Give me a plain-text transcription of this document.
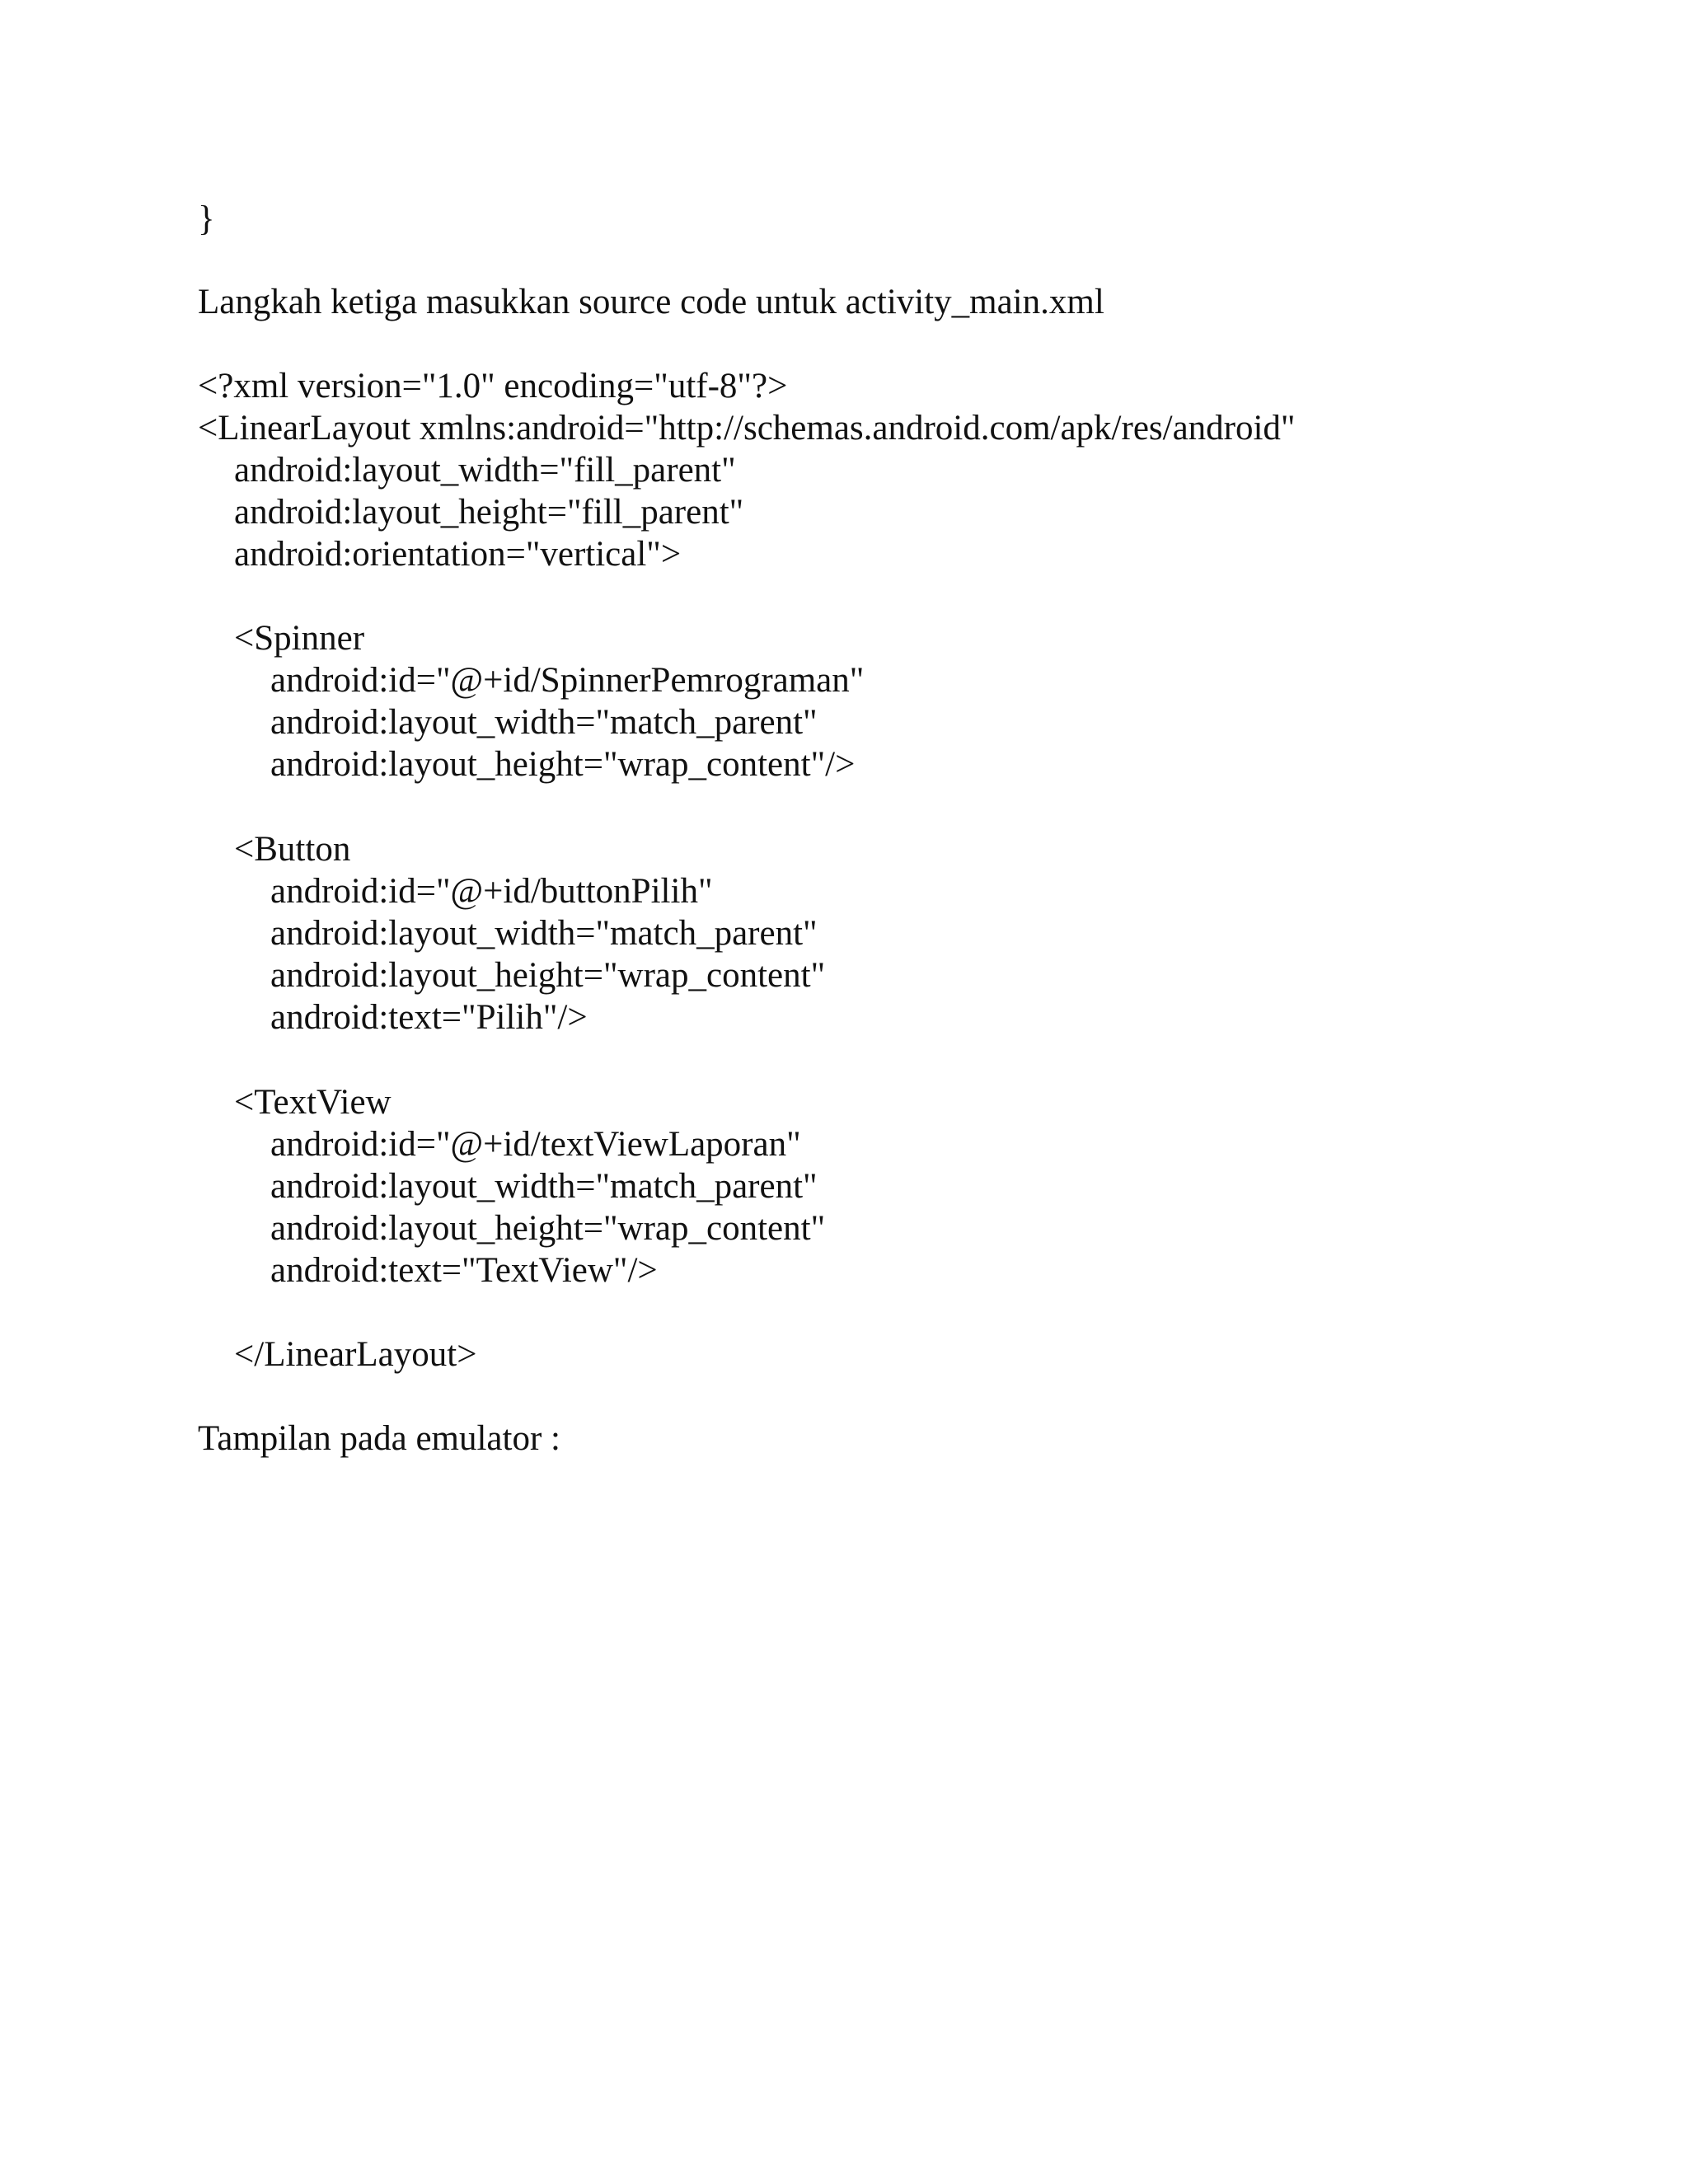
}
Langkah ketiga masukkan source code untuk activity_main.xml
<?xml version="1.0" encoding="utf-8"?>
<LinearLayout xmlns:android="http://schemas.android.com/apk/res/android"
android:layout_width="fill_parent"
android:layout_height="fill_parent"
android:orientation="vertical">
<Spinner
android:id="@+id/SpinnerPemrograman"
android:layout_width="match_parent"
android:layout_height="wrap_content"/>
<Button
android:id="@+id/buttonPilih"
android:layout_width="match_parent"
android:layout_height="wrap_content"
android:text="Pilih"/>
<TextView
android:id="@+id/textViewLaporan"
android:layout_width="match_parent"
android:layout_height="wrap_content"
android:text="TextView"/>
</LinearLayout>
Tampilan pada emulator :
